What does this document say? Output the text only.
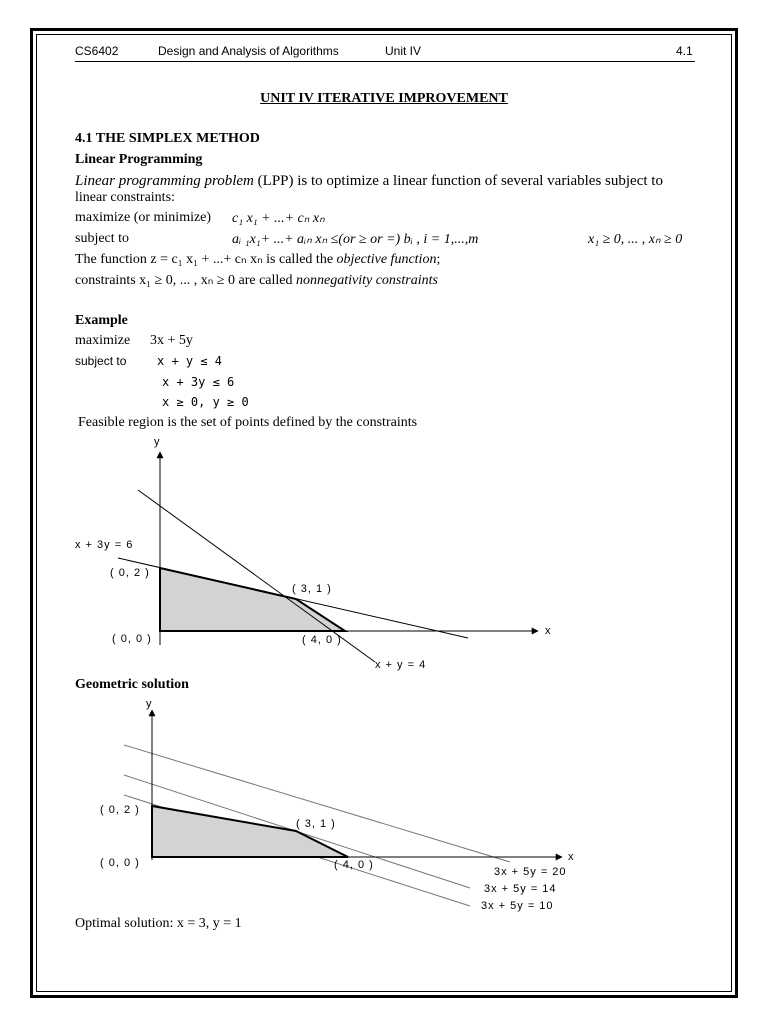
CS6402	Design and Analysis of Algorithms	Unit IV	4.1
UNIT IV ITERATIVE IMPROVEMENT
4.1 THE SIMPLEX METHOD
Linear Programming
Linear programming problem (LPP) is to optimize a linear function of several variables subject to
linear constraints:
maximize (or minimize) c₁ x₁ + ...+ cₙ xₙ
subject to	aᵢ ₁x₁+ ...+ aᵢₙ xₙ ≤(or ≥ or =) bᵢ , i = 1,...,m	x₁ ≥ 0, ... , xₙ ≥ 0
The function z = c₁ x₁ + ...+ cₙ xₙ is called the objective function;
constraints x₁ ≥ 0, ... , xₙ ≥ 0 are called nonnegativity constraints
Example
maximize 3x + 5y
subject to	x + y ≤ 4
x + 3y ≤ 6
x ≥ 0, y ≥ 0
Feasible region is the set of points defined by the constraints
y
x
x + 3y = 6
x + y = 4
( 0, 2 )
( 3, 1 )
( 0, 0 )	( 4, 0 )
Geometric solution
y
x
( 0, 2 )
( 3, 1 )
( 0, 0 )	( 4, 0 )
3x + 5y = 20
3x + 5y = 14
3x + 5y = 10
Optimal solution: x = 3, y = 1
